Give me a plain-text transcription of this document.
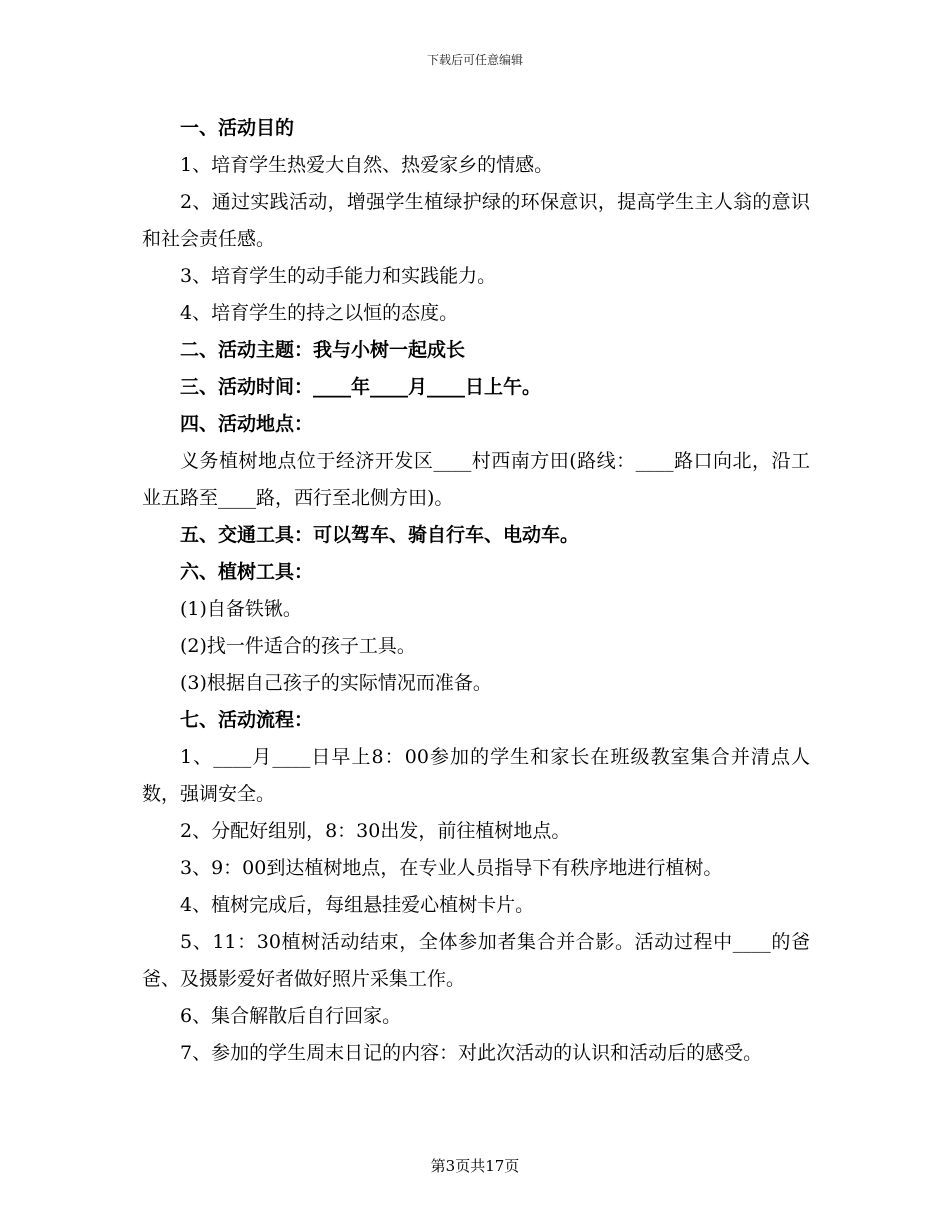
下载后可任意编辑

一、活动目的

1、培育学生热爱大自然、热爱家乡的情感。

2、通过实践活动，增强学生植绿护绿的环保意识，提高学生主人翁的意识和社会责任感。

3、培育学生的动手能力和实践能力。

4、培育学生的持之以恒的态度。

二、活动主题：我与小树一起成长

三、活动时间：____年____月____日上午。

四、活动地点：

义务植树地点位于经济开发区____村西南方田(路线：____路口向北，沿工业五路至____路，西行至北侧方田)。

五、交通工具：可以驾车、骑自行车、电动车。

六、植树工具：

(1)自备铁锹。

(2)找一件适合的孩子工具。

(3)根据自己孩子的实际情况而准备。

七、活动流程：

1、____月____日早上8：00参加的学生和家长在班级教室集合并清点人数，强调安全。

2、分配好组别，8：30出发，前往植树地点。

3、9：00到达植树地点，在专业人员指导下有秩序地进行植树。

4、植树完成后，每组悬挂爱心植树卡片。

5、11：30植树活动结束，全体参加者集合并合影。活动过程中____的爸爸、及摄影爱好者做好照片采集工作。

6、集合解散后自行回家。

7、参加的学生周末日记的内容：对此次活动的认识和活动后的感受。

第3页共17页
